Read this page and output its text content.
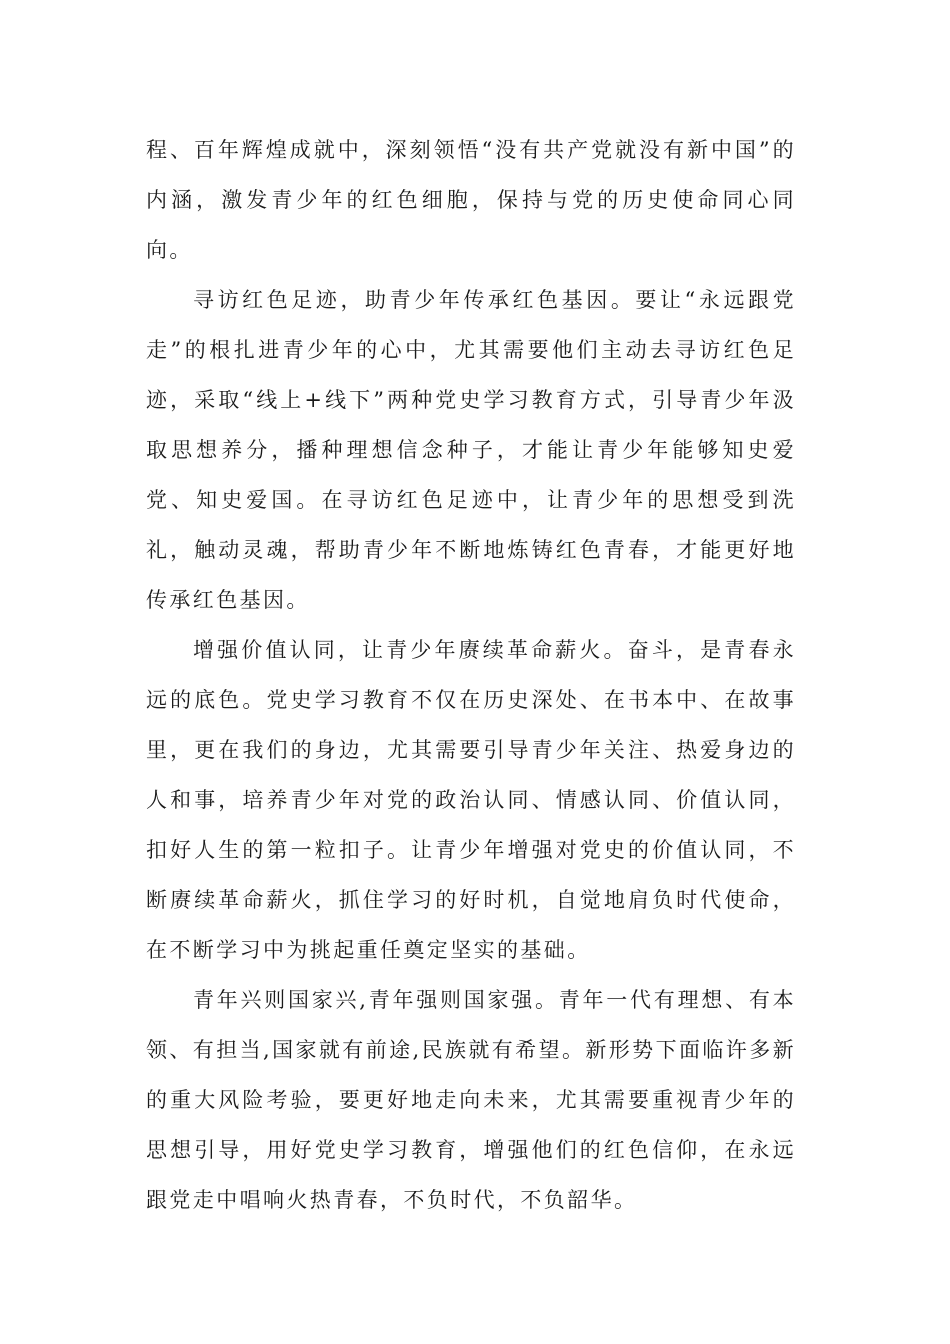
程、百年辉煌成就中，深刻领悟“没有共产党就没有新中国”的内涵，激发青少年的红色细胞，保持与党的历史使命同心同向。

寻访红色足迹，助青少年传承红色基因。要让“永远跟党走”的根扎进青少年的心中，尤其需要他们主动去寻访红色足迹，采取“线上+线下”两种党史学习教育方式，引导青少年汲取思想养分，播种理想信念种子，才能让青少年能够知史爱党、知史爱国。在寻访红色足迹中，让青少年的思想受到洗礼，触动灵魂，帮助青少年不断地炼铸红色青春，才能更好地传承红色基因。

增强价值认同，让青少年赓续革命薪火。奋斗，是青春永远的底色。党史学习教育不仅在历史深处、在书本中、在故事里，更在我们的身边，尤其需要引导青少年关注、热爱身边的人和事，培养青少年对党的政治认同、情感认同、价值认同，扣好人生的第一粒扣子。让青少年增强对党史的价值认同，不断赓续革命薪火，抓住学习的好时机，自觉地肩负时代使命，在不断学习中为挑起重任奠定坚实的基础。

青年兴则国家兴,青年强则国家强。青年一代有理想、有本领、有担当,国家就有前途,民族就有希望。新形势下面临许多新的重大风险考验，要更好地走向未来，尤其需要重视青少年的思想引导，用好党史学习教育，增强他们的红色信仰，在永远跟党走中唱响火热青春，不负时代，不负韶华。
